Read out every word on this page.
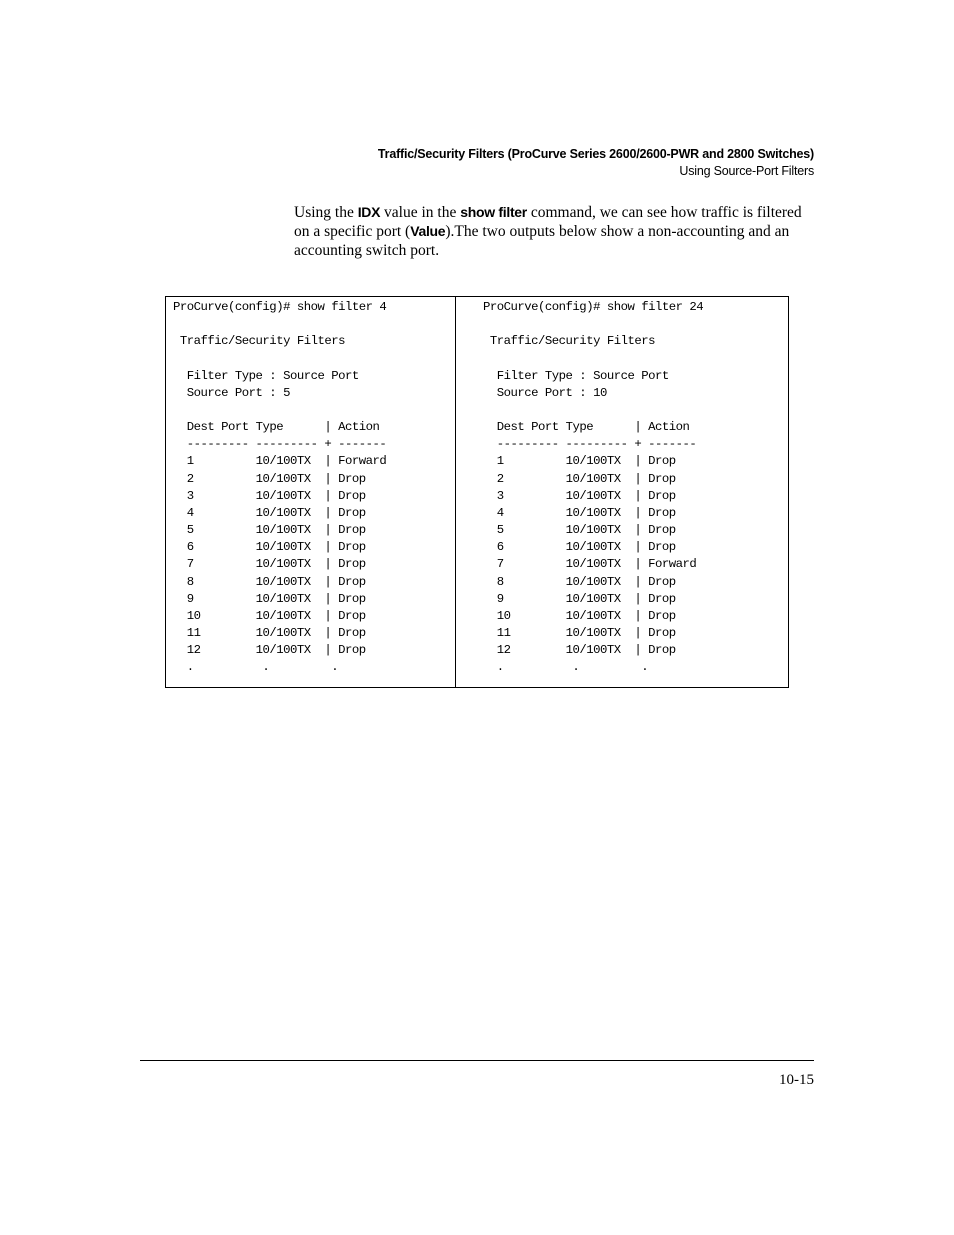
Traffic/Security Filters (ProCurve Series 2600/2600-PWR and 2800 Switches)
Using Source-Port Filters
Using the IDX value in the show filter command, we can see how traffic is filtered on a specific port (Value).The two outputs below show a non-accounting and an accounting switch port.
ProCurve(config)# show filter 4

Traffic/Security Filters

Filter Type : Source Port
Source Port : 5

Dest Port Type      | Action
--------- --------- + -------
1	10/100TX  | Forward
2	10/100TX  | Drop
3	10/100TX  | Drop
4	10/100TX  | Drop
5	10/100TX  | Drop
6	10/100TX  | Drop
7	10/100TX  | Drop
8	10/100TX  | Drop
9	10/100TX  | Drop
10	10/100TX  | Drop
11	10/100TX  | Drop
12	10/100TX  | Drop
.          .         .

ProCurve(config)# show filter 24

Traffic/Security Filters

Filter Type : Source Port
Source Port : 10

Dest Port Type      | Action
--------- --------- + -------
1	10/100TX  | Drop
2	10/100TX  | Drop
3	10/100TX  | Drop
4	10/100TX  | Drop
5	10/100TX  | Drop
6	10/100TX  | Drop
7	10/100TX  | Forward
8	10/100TX  | Drop
9	10/100TX  | Drop
10	10/100TX  | Drop
11	10/100TX  | Drop
12	10/100TX  | Drop
.          .         .

10-15
